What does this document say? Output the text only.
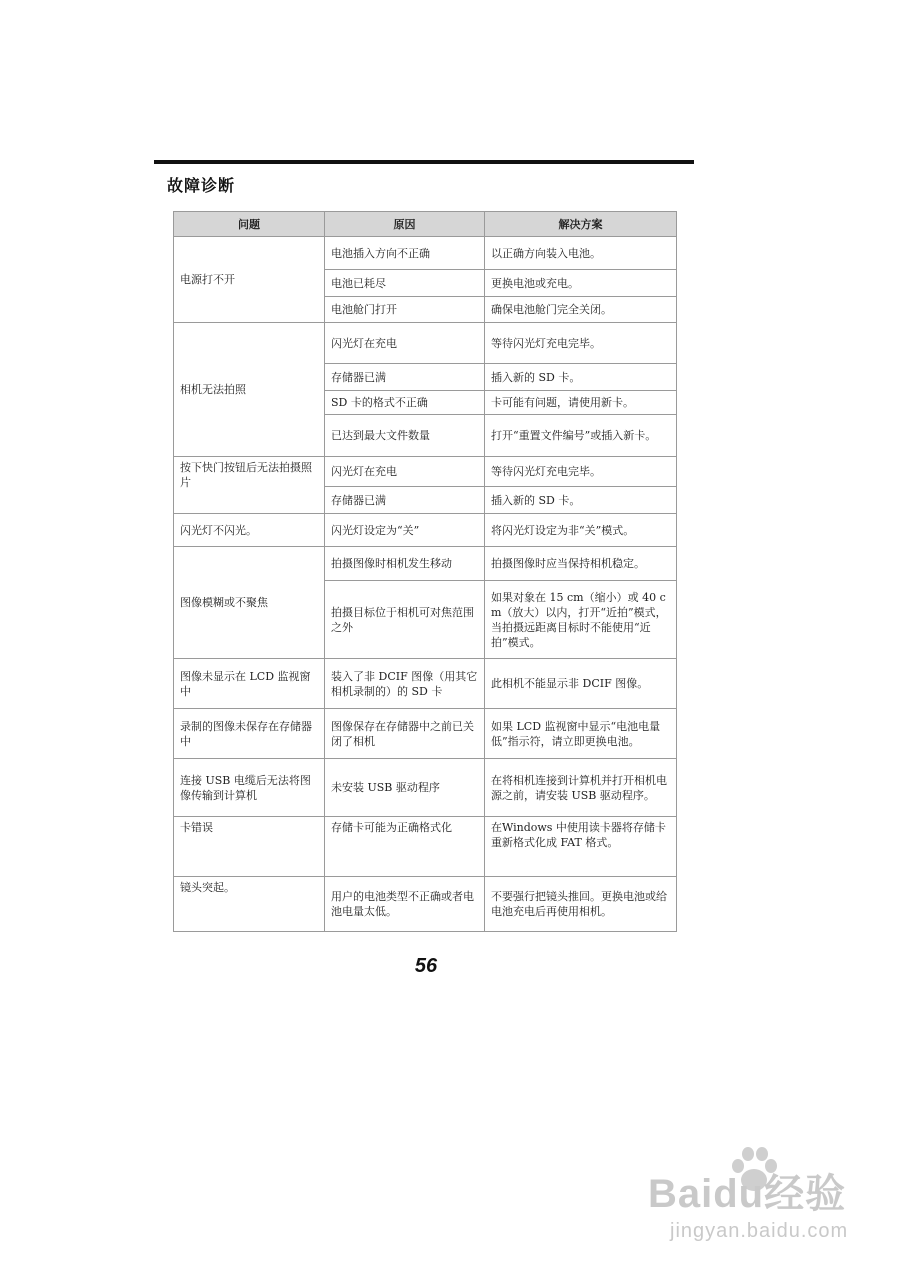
故障诊断
问题	原因	解决方案
电源打不开	电池插入方向不正确	以正确方向装入电池。
	电池已耗尽	更换电池或充电。
	电池舱门打开	确保电池舱门完全关闭。
相机无法拍照	闪光灯在充电	等待闪光灯充电完毕。
	存储器已满	插入新的 SD 卡。
	SD 卡的格式不正确	卡可能有问题，请使用新卡。
	已达到最大文件数量	打开“重置文件编号”或插入新卡。
按下快门按钮后无法拍摄照片	闪光灯在充电	等待闪光灯充电完毕。
	存储器已满	插入新的 SD 卡。
闪光灯不闪光。	闪光灯设定为“关”	将闪光灯设定为非“关”模式。
图像模糊或不聚焦	拍摄图像时相机发生移动	拍摄图像时应当保持相机稳定。
	拍摄目标位于相机可对焦范围之外	如果对象在 15 cm（缩小）或 40 cm（放大）以内，打开“近拍”模式，当拍摄远距离目标时不能使用“近拍”模式。
图像未显示在 LCD 监视窗中	装入了非 DCIF 图像（用其它相机录制的）的 SD 卡	此相机不能显示非 DCIF 图像。
录制的图像未保存在存储器中	图像保存在存储器中之前已关闭了相机	如果 LCD 监视窗中显示“电池电量低”指示符，请立即更换电池。
连接 USB 电缆后无法将图像传输到计算机	未安装 USB 驱动程序	在将相机连接到计算机并打开相机电源之前，请安装 USB 驱动程序。
卡错误	存储卡可能为正确格式化	在Windows 中使用读卡器将存储卡重新格式化成 FAT 格式。
镜头突起。	用户的电池类型不正确或者电池电量太低。	不要强行把镜头推回。更换电池或给电池充电后再使用相机。
56
Baidu经验
jingyan.baidu.com
